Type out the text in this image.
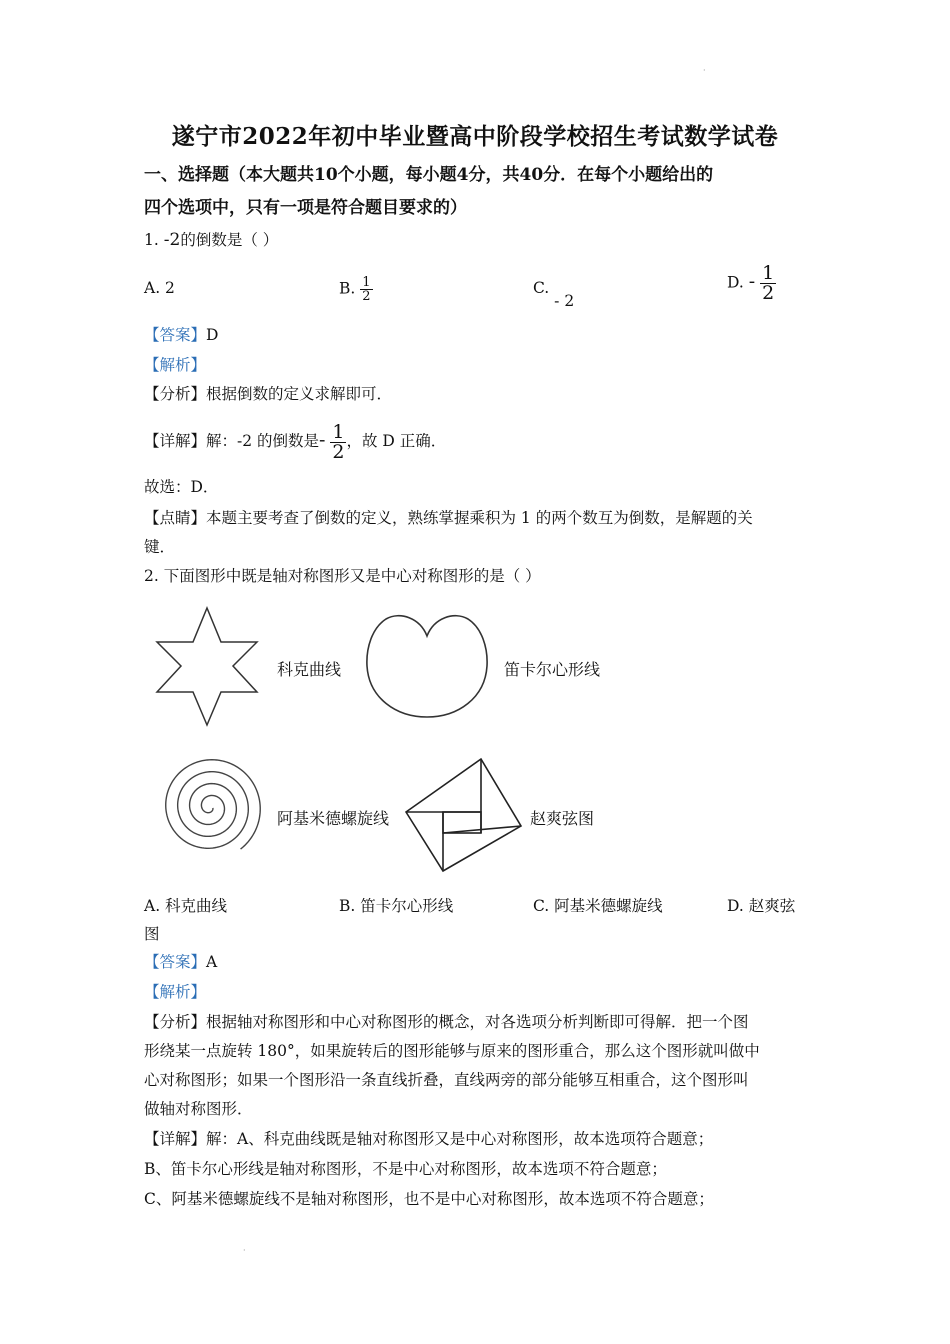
·
遂宁市2022年初中毕业暨高中阶段学校招生考试数学试卷
一、选择题（本大题共10个小题，每小题4分，共40分．在每个小题给出的
四个选项中，只有一项是符合题目要求的）
1. -2的倒数是（ ）
A. 2	B. $\frac{1}{2}$	C. - 2
D. - $\frac{1}{2}$
【答案】D
【解析】
【分析】根据倒数的定义求解即可．
【详解】解：-2 的倒数是- $\frac{1}{2}$ ，故 D 正确．
故选：D．
【点睛】本题主要考查了倒数的定义，熟练掌握乘积为 1 的两个数互为倒数，是解题的关
键．
2. 下面图形中既是轴对称图形又是中心对称图形的是（ ）
科克曲线	笛卡尔心形线
阿基米德螺旋线	赵爽弦图
A. 科克曲线	B. 笛卡尔心形线	C. 阿基米德螺旋线	D. 赵爽弦
图
【答案】A
【解析】
【分析】根据轴对称图形和中心对称图形的概念，对各选项分析判断即可得解．把一个图
形绕某一点旋转 180°，如果旋转后的图形能够与原来的图形重合，那么这个图形就叫做中
心对称图形；如果一个图形沿一条直线折叠，直线两旁的部分能够互相重合，这个图形叫
做轴对称图形．
【详解】解：A、科克曲线既是轴对称图形又是中心对称图形，故本选项符合题意；
B、笛卡尔心形线是轴对称图形，不是中心对称图形，故本选项不符合题意；
C、阿基米德螺旋线不是轴对称图形，也不是中心对称图形，故本选项不符合题意；
·
